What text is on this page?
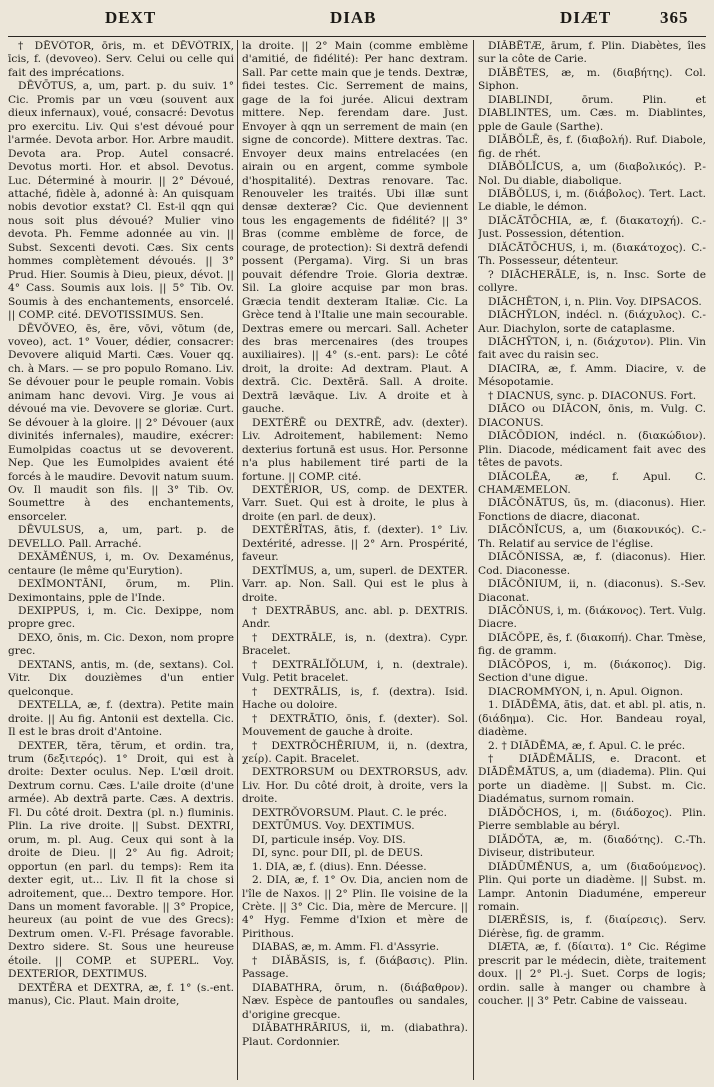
DEXT	DIAB	DIÆT	365

† DĒVŌTOR, ōris, m. et DĒVŌTRIX, īcis, f. (devoveo). Serv. Celui ou celle qui fait des imprécations.

DĒVŌTUS, a, um, part. p. du suiv. 1° Cic. Promis par un vœu (souvent aux dieux infernaux), voué, consacré: Devotus pro exercitu. Liv. Qui s'est dévoué pour l'armée. Devota arbor. Hor. Arbre maudit. Devota ara. Prop. Autel consacré. Devotus morti. Hor. et absol. Devotus. Luc. Déterminé à mourir. || 2° Dévoué, attaché, fidèle à, adonné à: An quisquam nobis devotior exstat? Cl. Est-il qqn qui nous soit plus dévoué? Mulier vino devota. Ph. Femme adonnée au vin. || Subst. Sexcenti devoti. Cæs. Six cents hommes complètement dévoués. || 3° Prud. Hier. Soumis à Dieu, pieux, dévot. || 4° Cass. Soumis aux lois. || 5° Tib. Ov. Soumis à des enchantements, ensorcelé. || COMP. cité. DEVOTISSIMUS. Sen.

DĒVŎVEO, ēs, ēre, vōvi, vōtum (de, voveo), act. 1° Vouer, dédier, consacrer: Devovere aliquid Marti. Cæs. Vouer qq. ch. à Mars. — se pro populo Romano. Liv. Se dévouer pour le peuple romain. Vobis animam hanc devovi. Virg. Je vous ai dévoué ma vie. Devovere se gloriæ. Curt. Se dévouer à la gloire. || 2° Dévouer (aux divinités infernales), maudire, exécrer: Eumolpidas coactus ut se devoverent. Nep. Que les Eumolpides avaient été forcés à le maudire. Devovit natum suum. Ov. Il maudit son fils. || 3° Tib. Ov. Soumettre à des enchantements, ensorceler.

DĒVULSUS, a, um, part. p. de DEVELLO. Pall. Arraché.

DEXĂMĔNUS, i, m. Ov. Dexaménus, centaure (le même qu'Eurytion).

DEXĬMONTĀNI, ōrum, m. Plin. Deximontains, pple de l'Inde.

DEXIPPUS, i, m. Cic. Dexippe, nom propre grec.

DEXO, ōnis, m. Cic. Dexon, nom propre grec.

DEXTANS, antis, m. (de, sextans). Col. Vitr. Dix douzièmes d'un entier quelconque.

DEXTELLA, æ, f. (dextra). Petite main droite. || Au fig. Antonii est dextella. Cic. Il est le bras droit d'Antoine.

DEXTER, tĕra, tĕrum, et ordin. tra, trum (δεξιτερός). 1° Droit, qui est à droite: Dexter oculus. Nep. L'œil droit. Dextrum cornu. Cæs. L'aile droite (d'une armée). Ab dextrā parte. Cæs. A dextris. Fl. Du côté droit. Dextra (pl. n.) fluminis. Plin. La rive droite. || Subst. DEXTRI, orum, m. pl. Aug. Ceux qui sont à la droite de Dieu. || 2° Au fig. Adroit; opportun (en parl. du temps): Rem ita dexter egit, ut... Liv. Il fit la chose si adroitement, que... Dextro tempore. Hor. Dans un moment favorable. || 3° Propice, heureux (au point de vue des Grecs): Dextrum omen. V.-Fl. Présage favorable. Dextro sidere. St. Sous une heureuse étoile. || COMP. et SUPERL. Voy. DEXTERIOR, DEXTIMUS.

DEXTĔRA et DEXTRA, æ, f. 1° (s.-ent. manus), Cic. Plaut. Main droite,

la droite. || 2° Main (comme emblème d'amitié, de fidélité): Per hanc dextram. Sall. Par cette main que je tends. Dextræ, fidei testes. Cic. Serrement de mains, gage de la foi jurée. Alicui dextram mittere. Nep. ferendam dare. Just. Envoyer à qqn un serrement de main (en signe de concorde). Mittere dextras. Tac. Envoyer deux mains entrelacées (en airain ou en argent, comme symbole d'hospitalité). Dextras renovare. Tac. Renouveler les traités. Ubi illæ sunt densæ dexteræ? Cic. Que deviennent tous les engagements de fidélité? || 3° Bras (comme emblème de force, de courage, de protection): Si dextrā defendi possent (Pergama). Virg. Si un bras pouvait défendre Troie. Gloria dextræ. Sil. La gloire acquise par mon bras. Græcia tendit dexteram Italiæ. Cic. La Grèce tend à l'Italie une main secourable. Dextras emere ou mercari. Sall. Acheter des bras mercenaires (des troupes auxiliaires). || 4° (s.-ent. pars): Le côté droit, la droite: Ad dextram. Plaut. A dextrā. Cic. Dextērā. Sall. A droite. Dextrā lævāque. Liv. A droite et à gauche.

DEXTĔRĒ ou DEXTRĒ, adv. (dexter). Liv. Adroitement, habilement: Nemo dexterius fortunā est usus. Hor. Personne n'a plus habilement tiré parti de la fortune. || COMP. cité.

DEXTĔRIOR, US, comp. de DEXTER. Varr. Suet. Qui est à droite, le plus à droite (en parl. de deux).

DEXTĔRĬTAS, ātis, f. (dexter). 1° Liv. Dextérité, adresse. || 2° Arn. Prospérité, faveur.

DEXTĬMUS, a, um, superl. de DEXTER. Varr. ap. Non. Sall. Qui est le plus à droite.

† DEXTRĀBUS, anc. abl. p. DEXTRIS. Andr.

† DEXTRĀLE, is, n. (dextra). Cypr. Bracelet.

† DEXTRĀLĬŎLUM, i, n. (dextrale). Vulg. Petit bracelet.

† DEXTRĀLIS, is, f. (dextra). Isid. Hache ou doloire.

† DEXTRĀTIO, ōnis, f. (dexter). Sol. Mouvement de gauche à droite.

† DEXTRŎCHĒRIUM, ii, n. (dextra, χείρ). Capit. Bracelet.

DEXTRORSUM ou DEXTRORSUS, adv. Liv. Hor. Du côté droit, à droite, vers la droite.

DEXTRŎVORSUM. Plaut. C. le préc.

DEXTŪMUS. Voy. DEXTIMUS.

DI, particule insép. Voy. DIS.

DI, sync. pour DII, pl. de DEUS.

1. DIA, æ, f. (dius). Enn. Déesse.

2. DIA, æ, f. 1° Ov. Dia, ancien nom de l'île de Naxos. || 2° Plin. Ile voisine de la Crète. || 3° Cic. Dia, mère de Mercure. || 4° Hyg. Femme d'Ixion et mère de Pirithous.

DIABAS, æ, m. Amm. Fl. d'Assyrie.

† DIĂBĂSIS, is, f. (διάβασις). Plin. Passage.

DIABATHRA, ōrum, n. (διάβαθρον). Næv. Espèce de pantoufles ou sandales, d'origine grecque.

DIĂBATHRĀRIUS, ii, m. (diabathra). Plaut. Cordonnier.

DIĂBĒTÆ, ārum, f. Plin. Diabètes, îles sur la côte de Carie.

DIĂBĒTES, æ, m. (διαβήτης). Col. Siphon.

DIABLINDI, ōrum. Plin. et DIABLINTES, um. Cæs. m. Diablintes, pple de Gaule (Sarthe).

DIĂBŎLĒ, ēs, f. (διαβολή). Ruf. Diabole, fig. de rhét.

DIĂBŎLĬCUS, a, um (διαβολικός). P.-Nol. Du diable, diabolique.

DIĂBŎLUS, i, m. (διάβολος). Tert. Lact. Le diable, le démon.

DIĂCĀTŌCHIA, æ, f. (διακατοχή). C.-Just. Possession, détention.

DIĂCĀTŌCHUS, i, m. (διακάτοχος). C.-Th. Possesseur, détenteur.

? DIĀCHERĀLE, is, n. Insc. Sorte de collyre.

DIĀCHĒTON, i, n. Plin. Voy. DIPSACOS.

DIĀCHȲLON, indécl. n. (διάχυλος). C.-Aur. Diachylon, sorte de cataplasme.

DIĀCHȲTON, i, n. (διάχυτον). Plin. Vin fait avec du raisin sec.

DIACIRA, æ, f. Amm. Diacire, v. de Mésopotamie.

† DIACNUS, sync. p. DIACONUS. Fort.

DIĀCO ou DIĀCON, ōnis, m. Vulg. C. DIACONUS.

DIĀCŌDION, indécl. n. (διακώδιον). Plin. Diacode, médicament fait avec des têtes de pavots.

DIĂCOLĒA, æ, f. Apul. C. CHAMÆMELON.

DIĀCŎNĀTUS, ūs, m. (diaconus). Hier. Fonctions de diacre, diaconat.

DIĀCŎNĬCUS, a, um (διακονικός). C.-Th. Relatif au service de l'église.

DIĀCŎNISSA, æ, f. (diaconus). Hier. Cod. Diaconesse.

DIĀCŎNIUM, ii, n. (diaconus). S.-Sev. Diaconat.

DIĀCŎNUS, i, m. (διάκονος). Tert. Vulg. Diacre.

DIĀCŎPE, ēs, f. (διακοπή). Char. Tmèse, fig. de gramm.

DIĀCŎPOS, i, m. (διάκοπος). Dig. Section d'une digue.

DIACROMMYON, i, n. Apul. Oignon.

1. DIĀDĒMA, ătis, dat. et abl. pl. atis, n. (διάδημα). Cic. Hor. Bandeau royal, diadème.

2. † DIĀDĒMA, æ, f. Apul. C. le préc.

† DIĀDĒMĀLIS, e. Dracont. et DIĀDĒMĀTUS, a, um (diadema). Plin. Qui porte un diadème. || Subst. m. Cic. Diadématus, surnom romain.

DIĂDŎCHOS, i, m. (διάδοχος). Plin. Pierre semblable au béryl.

DIĂDŎTA, æ, m. (διαδότης). C.-Th. Diviseur, distributeur.

DIĂDŪMĔNUS, a, um (διαδούμενος). Plin. Qui porte un diadème. || Subst. m. Lampr. Antonin Diaduméne, empereur romain.

DIÆRĔSIS, is, f. (διαίρεσις). Serv. Diérèse, fig. de gramm.

DIÆTA, æ, f. (δίαιτα). 1° Cic. Régime prescrit par le médecin, diète, traitement doux. || 2° Pl.-j. Suet. Corps de logis; ordin. salle à manger ou chambre à coucher. || 3° Petr. Cabine de vaisseau.
